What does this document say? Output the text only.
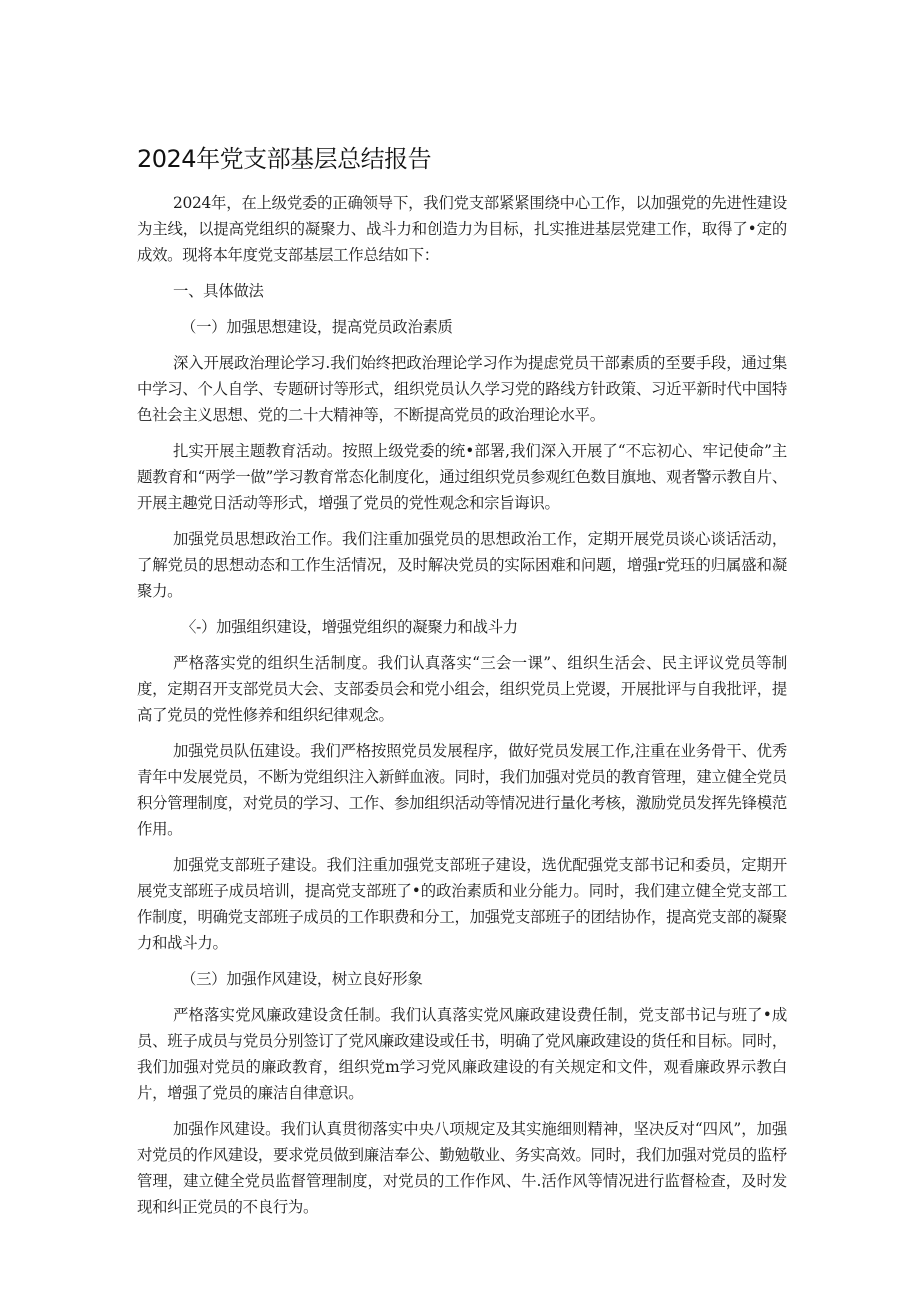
2024年党支部基层总结报告

2024年，在上级党委的正确领导下，我们党支部紧紧围绕中心工作，以加强党的先进性建设为主线，以提高党组织的凝聚力、战斗力和创造力为目标，扎实推进基层党建工作，取得了•定的成效。现将本年度党支部基层工作总结如下：

一、具体做法

（一）加强思想建设，提高党员政治素质

深入开展政治理论学习.我们始终把政治理论学习作为提虑党员干部素质的至要手段，通过集中学习、个人自学、专题研讨等形式，组织党员认久学习党的路线方针政策、习近平新时代中国特色社会主义思想、党的二十大精神等，不断提高党员的政治理论水平。

扎实开展主题教育活动。按照上级党委的统•部署,我们深入开展了“不忘初心、牢记使命”主题教育和“两学一做”学习教育常态化制度化，通过组织党员参观红色数目旗地、观者警示教自片、开展主趣党日活动等形式，增强了党员的党性观念和宗旨诲识。

加强党员思想政治工作。我们注重加强党员的思想政治工作，定期开展党员谈心谈话活动，了解党员的思想动态和工作生活情况，及时解决党员的实际困难和问题，增强r党珏的归属盛和凝聚力。

〈-）加强组织建设，增强党组织的凝聚力和战斗力

严格落实党的组织生活制度。我们认真落实“三会一课”、组织生活会、民主评议党员等制度，定期召开支部党员大会、支部委员会和党小组会，组织党员上党谡，开展批评与自我批评，提高了党员的党性修养和组织纪律观念。

加强党员队伍建设。我们严格按照党员发展程序，做好党员发展工作,注重在业务骨干、优秀青年中发展党员，不断为党组织注入新鲜血液。同时，我们加强对党员的教育管理，建立健全党员积分管理制度，对党员的学习、工作、参加组织活动等情况进行量化考核，激励党员发挥先锋模范作用。

加强党支部班子建设。我们注重加强党支部班子建设，选优配强党支部书记和委员，定期开展党支部班子成员培训，提高党支部班了•的政治素质和业分能力。同时，我们建立健全党支部工作制度，明确党支部班子成员的工作职费和分工，加强党支部班子的团结协作，提高党支部的凝聚力和战斗力。

（三）加强作风建设，树立良好形象

严格落实党风廉政建设贪任制。我们认真落实党风廉政建设费任制，党支部书记与班了•成员、班子成员与党员分别签订了党风廉政建设或任书，明确了党风廉政建设的货任和目标。同时，我们加强对党员的廉政教育，组织党m学习党风廉政建设的有关规定和文件，观看廉政界示教白片，增强了党员的廉洁自律意识。

加强作风建设。我们认真贯彻落实中央八项规定及其实施细则精神，坚决反对“四风”，加强对党员的作风建设，要求党员做到廉洁奉公、勤勉敬业、务实高效。同时，我们加强对党员的监杼管理，建立健全党员监督管理制度，对党员的工作作风、牛.活作风等情况进行监督检查，及时发现和纠正党员的不良行为。
